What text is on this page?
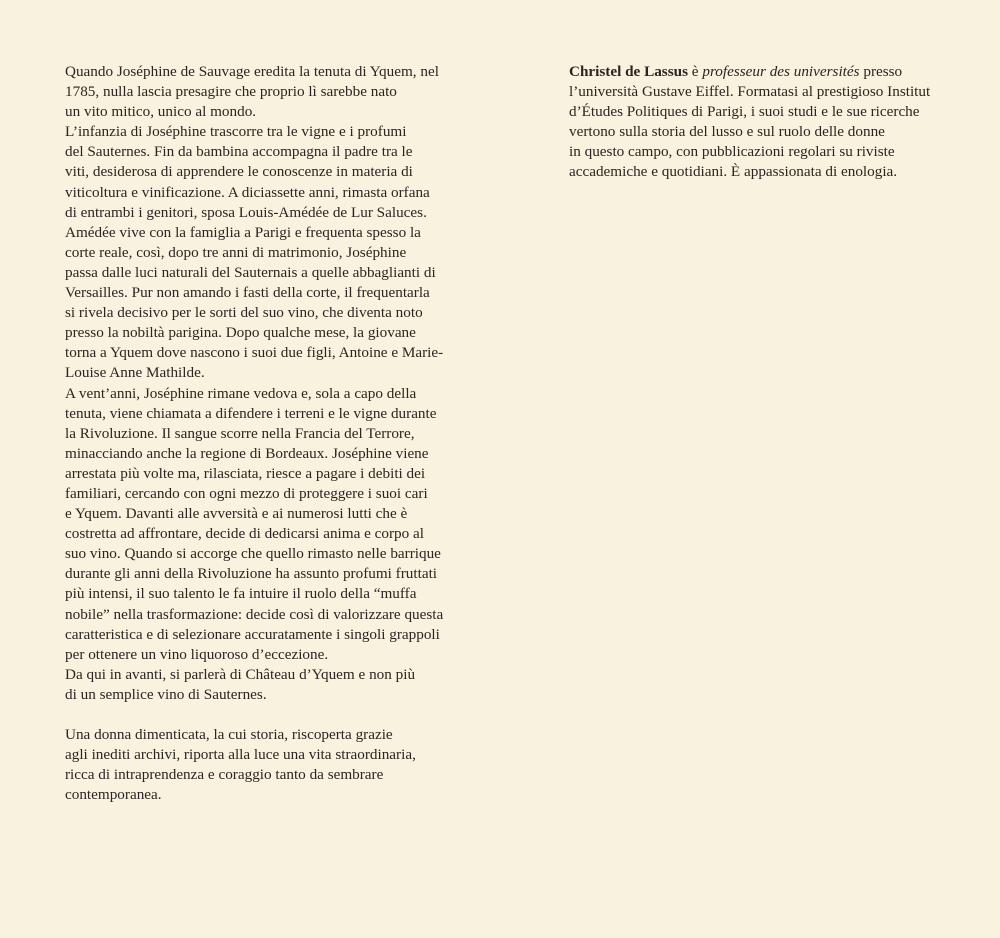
Quando Joséphine de Sauvage eredita la tenuta di Yquem, nel
1785, nulla lascia presagire che proprio lì sarebbe nato
un vito mitico, unico al mondo.
L’infanzia di Joséphine trascorre tra le vigne e i profumi
del Sauternes. Fin da bambina accompagna il padre tra le
viti, desiderosa di apprendere le conoscenze in materia di
viticoltura e vinificazione. A diciassette anni, rimasta orfana
di entrambi i genitori, sposa Louis-Amédée de Lur Saluces.
Amédée vive con la famiglia a Parigi e frequenta spesso la
corte reale, così, dopo tre anni di matrimonio, Joséphine
passa dalle luci naturali del Sauternais a quelle abbaglianti di
Versailles. Pur non amando i fasti della corte, il frequentarla
si rivela decisivo per le sorti del suo vino, che diventa noto
presso la nobiltà parigina. Dopo qualche mese, la giovane
torna a Yquem dove nascono i suoi due figli, Antoine e Marie-
Louise Anne Mathilde.
A vent’anni, Joséphine rimane vedova e, sola a capo della
tenuta, viene chiamata a difendere i terreni e le vigne durante
la Rivoluzione. Il sangue scorre nella Francia del Terrore,
minacciando anche la regione di Bordeaux. Joséphine viene
arrestata più volte ma, rilasciata, riesce a pagare i debiti dei
familiari, cercando con ogni mezzo di proteggere i suoi cari
e Yquem. Davanti alle avversità e ai numerosi lutti che è
costretta ad affrontare, decide di dedicarsi anima e corpo al
suo vino. Quando si accorge che quello rimasto nelle barrique
durante gli anni della Rivoluzione ha assunto profumi fruttati
più intensi, il suo talento le fa intuire il ruolo della “muffa
nobile” nella trasformazione: decide così di valorizzare questa
caratteristica e di selezionare accuratamente i singoli grappoli
per ottenere un vino liquoroso d’eccezione.
Da qui in avanti, si parlerà di Château d’Yquem e non più
di un semplice vino di Sauternes.
Una donna dimenticata, la cui storia, riscoperta grazie
agli inediti archivi, riporta alla luce una vita straordinaria,
ricca di intraprendenza e coraggio tanto da sembrare
contemporanea.
Christel de Lassus è professeur des universités presso
l’università Gustave Eiffel. Formatasi al prestigioso Institut
d’Études Politiques di Parigi, i suoi studi e le sue ricerche
vertono sulla storia del lusso e sul ruolo delle donne
in questo campo, con pubblicazioni regolari su riviste
accademiche e quotidiani. È appassionata di enologia.
